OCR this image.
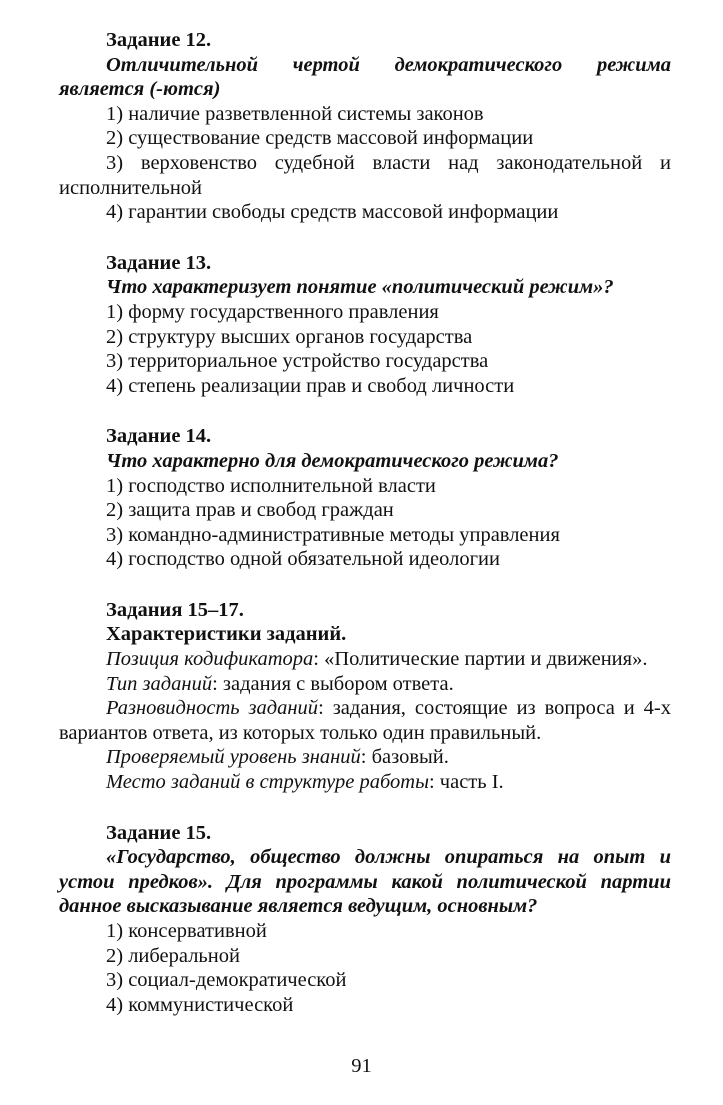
Задание 12.

Отличительной чертой демократического режима является (-ются)

1) наличие разветвленной системы законов

2) существование средств массовой информации

3) верховенство судебной власти над законодательной и исполнительной

4) гарантии свободы средств массовой информации

Задание 13.

Что характеризует понятие «политический режим»?

1) форму государственного правления

2) структуру высших органов государства

3) территориальное устройство государства

4) степень реализации прав и свобод личности

Задание 14.

Что характерно для демократического режима?

1) господство исполнительной власти

2) защита прав и свобод граждан

3) командно-административные методы управления

4) господство одной обязательной идеологии

Задания 15–17.

Характеристики заданий.

Позиция кодификатора: «Политические партии и движения».

Тип заданий: задания с выбором ответа.

Разновидность заданий: задания, состоящие из вопроса и 4-х вариантов ответа, из которых только один правильный.

Проверяемый уровень знаний: базовый.

Место заданий в структуре работы: часть I.

Задание 15.

«Государство, общество должны опираться на опыт и устои предков». Для программы какой политической партии данное высказывание является ведущим, основным?

1) консервативной

2) либеральной

3) социал-демократической

4) коммунистической

91
